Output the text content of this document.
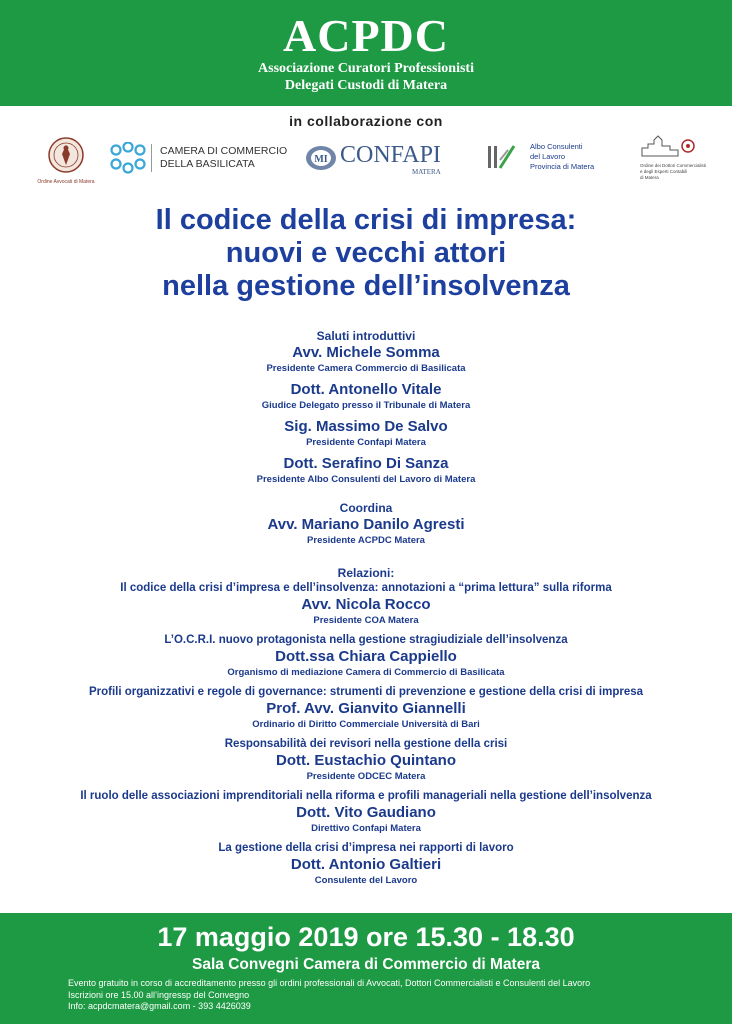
ACPDC
Associazione Curatori Professionisti
Delegati Custodi di Matera
in collaborazione con
Ordine Avvocati di Matera
CAMERA DI COMMERCIO
DELLA BASILICATA	MI CONFAPI
MATERA
Albo Consulenti
del Lavoro
Provincia di Matera	Ordine dei Dottori Commercialisti
e degli Esperti Contabili
di Matera
Il codice della crisi di impresa:
nuovi e vecchi attori
nella gestione dell’insolvenza
Saluti introduttivi
Avv. Michele Somma
Presidente Camera Commercio di Basilicata
Dott. Antonello Vitale
Giudice Delegato presso il Tribunale di Matera
Sig. Massimo De Salvo
Presidente Confapi Matera
Dott. Serafino Di Sanza
Presidente Albo Consulenti del Lavoro di Matera
Coordina
Avv. Mariano Danilo Agresti
Presidente ACPDC Matera
Relazioni:
Il codice della crisi d’impresa e dell’insolvenza: annotazioni a “prima lettura” sulla riforma
Avv. Nicola Rocco
Presidente COA Matera
L’O.C.R.I. nuovo protagonista nella gestione stragiudiziale dell’insolvenza
Dott.ssa Chiara Cappiello
Organismo di mediazione Camera di Commercio di Basilicata
Profili organizzativi e regole di governance: strumenti di prevenzione e gestione della crisi di impresa
Prof. Avv. Gianvito Giannelli
Ordinario di Diritto Commerciale Università di Bari
Responsabilità dei revisori nella gestione della crisi
Dott. Eustachio Quintano
Presidente ODCEC Matera
Il ruolo delle associazioni imprenditoriali nella riforma e profili manageriali nella gestione dell’insolvenza
Dott. Vito Gaudiano
Direttivo Confapi Matera
La gestione della crisi d’impresa nei rapporti di lavoro
Dott. Antonio Galtieri
Consulente del Lavoro
17 maggio 2019 ore 15.30 - 18.30
Sala Convegni Camera di Commercio di Matera
Evento gratuito in corso di accreditamento presso gli ordini professionali di Avvocati, Dottori Commercialisti e Consulenti del Lavoro
Iscrizioni ore 15.00 all’ingressp del Convegno
Info: acpdcmatera@gmail.com - 393 4426039
